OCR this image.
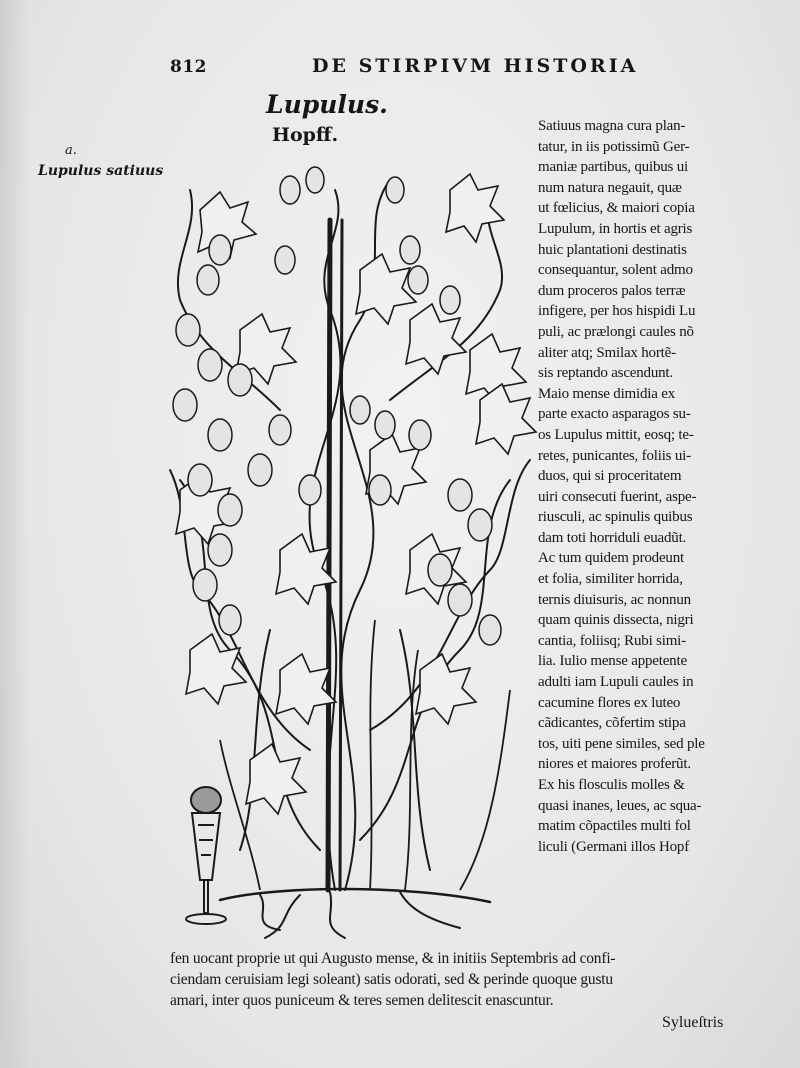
812	DE STIRPIVM HISTORIA
Lupulus.
Hopff.
a.
Lupulus satiuus
Satiuus magna cura plan-
tatur, in iis potissimũ Ger-
maniæ partibus, quibus ui
num natura negauit, quæ
ut fœlicius, & maiori copia
Lupulum, in hortis et agris
huic plantationi destinatis
consequantur, solent admo
dum proceros palos terræ
infigere, per hos hispidi Lu
puli, ac prælongi caules nõ
aliter atq; Smilax hortẽ-
sis reptando ascendunt.
Maio mense dimidia ex
parte exacto asparagos su-
os Lupulus mittit, eosq; te-
retes, punicantes, foliis ui-
duos, qui si proceritatem
uiri consecuti fuerint, aspe-
riusculi, ac spinulis quibus
dam toti horriduli euadũt.
Ac tum quidem prodeunt
et folia, similiter horrida,
ternis diuisuris, ac nonnun
quam quinis dissecta, nigri
cantia, foliisq; Rubi simi-
lia. Iulio mense appetente
adulti iam Lupuli caules in
cacumine flores ex luteo
cãdicantes, cõfertim stipa
tos, uiti pene similes, sed ple
niores et maiores proferũt.
Ex his flosculis molles &
quasi inanes, leues, ac squa-
matim cõpactiles multi fol
liculi (Germani illos Hopf
fen uocant proprie ut qui Augusto mense, & in initiis Septembris ad confi-
ciendam ceruisiam legi soleant) satis odorati, sed & perinde quoque gustu
amari, inter quos puniceum & teres semen delitescit enascuntur.
Sylueſtris
